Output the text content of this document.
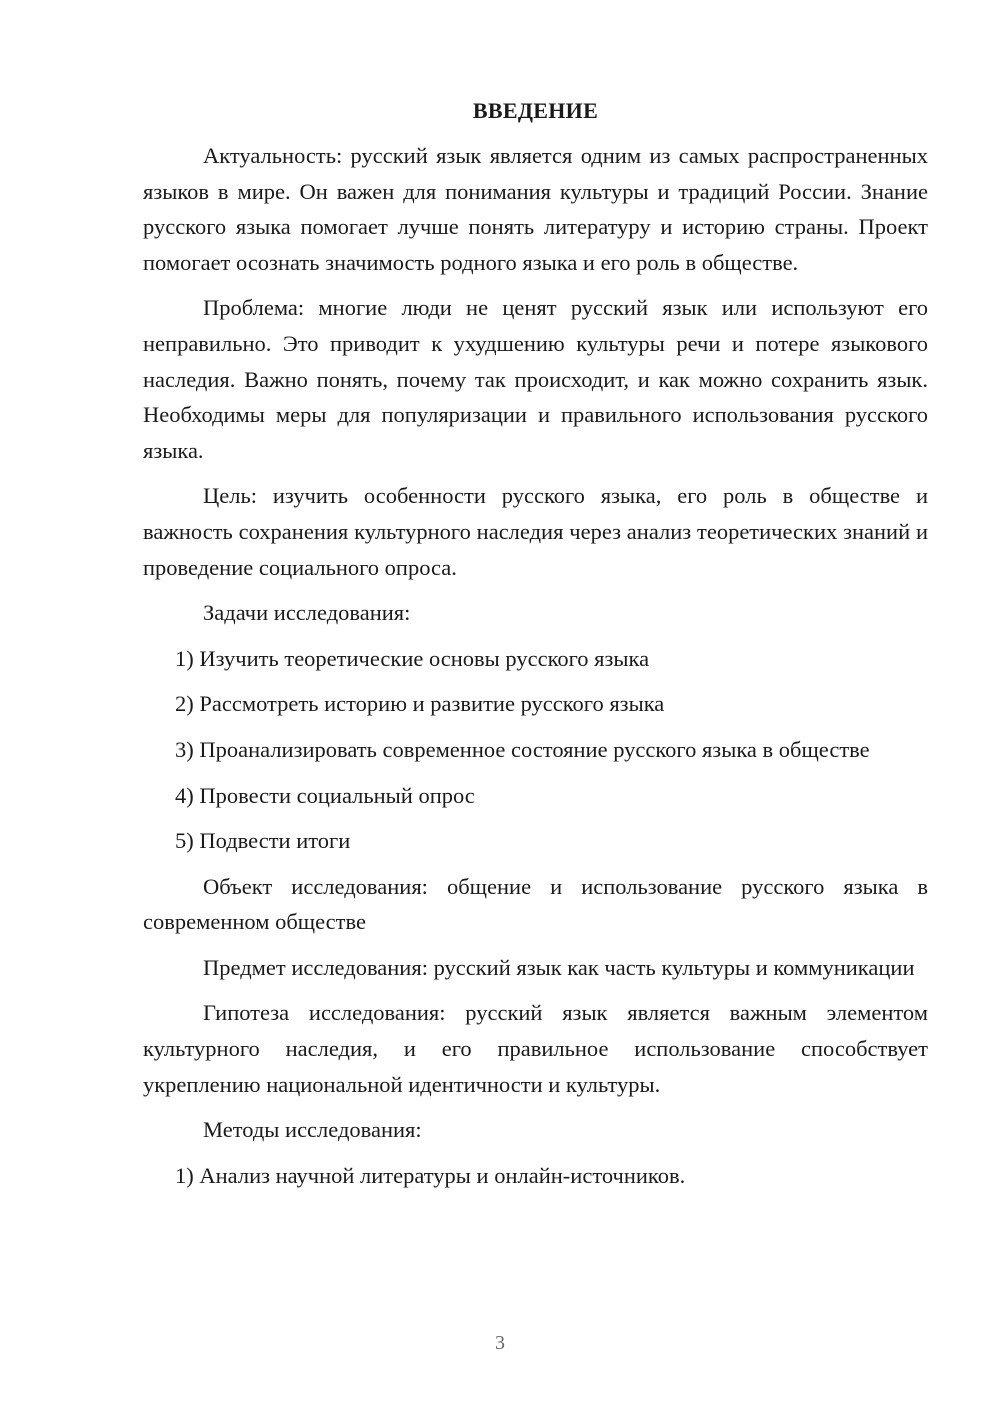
ВВЕДЕНИЕ

Актуальность: русский язык является одним из самых распространенных языков в мире. Он важен для понимания культуры и традиций России. Знание русского языка помогает лучше понять литературу и историю страны. Проект помогает осознать значимость родного языка и его роль в обществе.

Проблема: многие люди не ценят русский язык или используют его неправильно. Это приводит к ухудшению культуры речи и потере языкового наследия. Важно понять, почему так происходит, и как можно сохранить язык. Необходимы меры для популяризации и правильного использования русского языка.

Цель: изучить особенности русского языка, его роль в обществе и важность сохранения культурного наследия через анализ теоретических знаний и проведение социального опроса.

Задачи исследования:

1) Изучить теоретические основы русского языка

2) Рассмотреть историю и развитие русского языка

3) Проанализировать современное состояние русского языка в обществе

4) Провести социальный опрос

5) Подвести итоги

Объект исследования: общение и использование русского языка в современном обществе

Предмет исследования: русский язык как часть культуры и коммуникации

Гипотеза исследования: русский язык является важным элементом культурного наследия, и его правильное использование способствует укреплению национальной идентичности и культуры.

Методы исследования:

1) Анализ научной литературы и онлайн-источников.

3
